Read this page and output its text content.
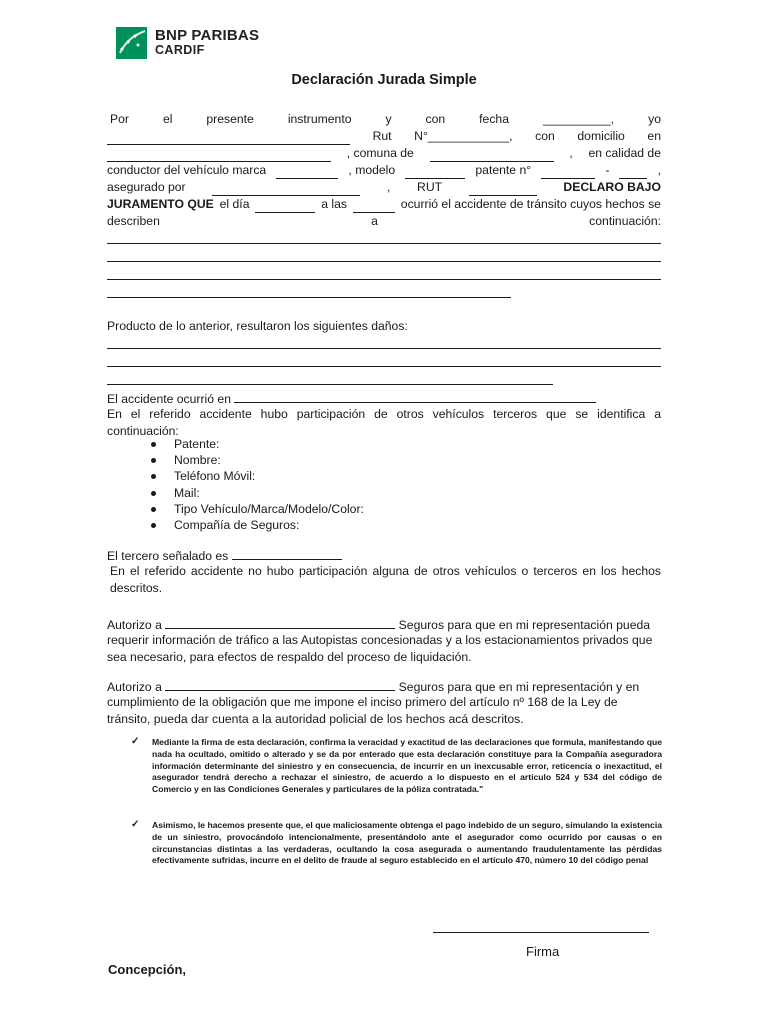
BNP PARIBAS
CARDIF
Declaración Jurada Simple
Por	el	presente	instrumento	y	con	fecha	__________,	yo
Rut N°____________, con domicilio en
, comuna de	, en calidad de
conductor del vehículo marca	, modelo	patente n°	-	,
asegurado por	, RUT	DECLARO BAJO
JURAMENTO QUE el día	a las	ocurrió el accidente de tránsito cuyos hechos se
describen	a	continuación:
Producto de lo anterior, resultaron los siguientes daños:
El accidente ocurrió en
En el referido accidente hubo participación de otros vehículos terceros que se identifica a continuación:
Patente:
Nombre:
Teléfono Móvil:
Mail:
Tipo Vehículo/Marca/Modelo/Color:
Compañía de Seguros:
El tercero señalado es
En el referido accidente no hubo participación alguna de otros vehículos o terceros en los hechos descritos.
Autorizo a	Seguros para que en mi representación pueda
requerir información de tráfico a las Autopistas concesionadas y a los estacionamientos privados que sea necesario, para efectos de respaldo del proceso de liquidación.
Autorizo a	Seguros para que en mi representación y en
cumplimiento de la obligación que me impone el inciso primero del artículo nº 168 de la Ley de tránsito, pueda dar cuenta a la autoridad policial de los hechos acá descritos.
✓ Mediante la firma de esta declaración, confirma la veracidad y exactitud de las declaraciones que formula, manifestando que nada ha ocultado, omitido o alterado y se da por enterado que esta declaración constituye para la Compañía aseguradora información determinante del siniestro y en consecuencia, de incurrir en un inexcusable error, reticencia o inexactitud, el asegurador tendrá derecho a rechazar el siniestro, de acuerdo a lo dispuesto en el artículo 524 y 534 del código de Comercio y en las Condiciones Generales y particulares de la póliza contratada."
✓ Asimismo, le hacemos presente que, el que maliciosamente obtenga el pago indebido de un seguro, simulando la existencia de un siniestro, provocándolo intencionalmente, presentándolo ante el asegurador como ocurrido por causas o en circunstancias distintas a las verdaderas, ocultando la cosa asegurada o aumentando fraudulentamente las pérdidas efectivamente sufridas, incurre en el delito de fraude al seguro establecido en el artículo 470, número 10 del código penal
Firma
Concepción,
